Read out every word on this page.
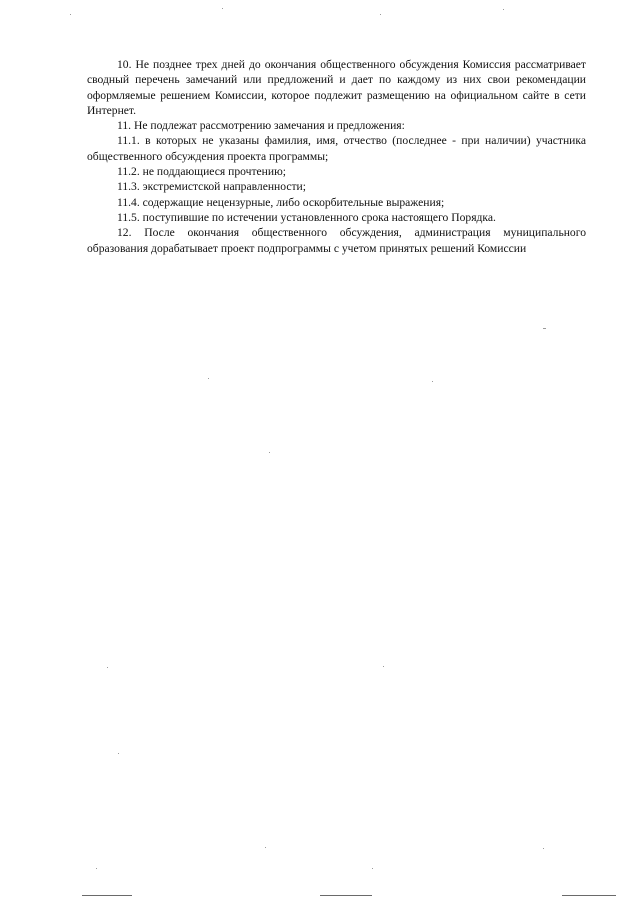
10. Не позднее трех дней до окончания общественного обсуждения Комиссия рассматривает сводный перечень замечаний или предложений и дает по каждому из них свои рекомендации оформляемые решением Комиссии, которое подлежит размещению на официальном сайте в сети Интернет.

11. Не подлежат рассмотрению замечания и предложения:

11.1. в которых не указаны фамилия, имя, отчество (последнее - при наличии) участника общественного обсуждения проекта программы;

11.2. не поддающиеся прочтению;

11.3. экстремистской направленности;

11.4. содержащие нецензурные, либо оскорбительные выражения;

11.5. поступившие по истечении установленного срока настоящего Порядка.

12. После окончания общественного обсуждения, администрация муниципального образования дорабатывает проект подпрограммы с учетом принятых решений Комиссии
